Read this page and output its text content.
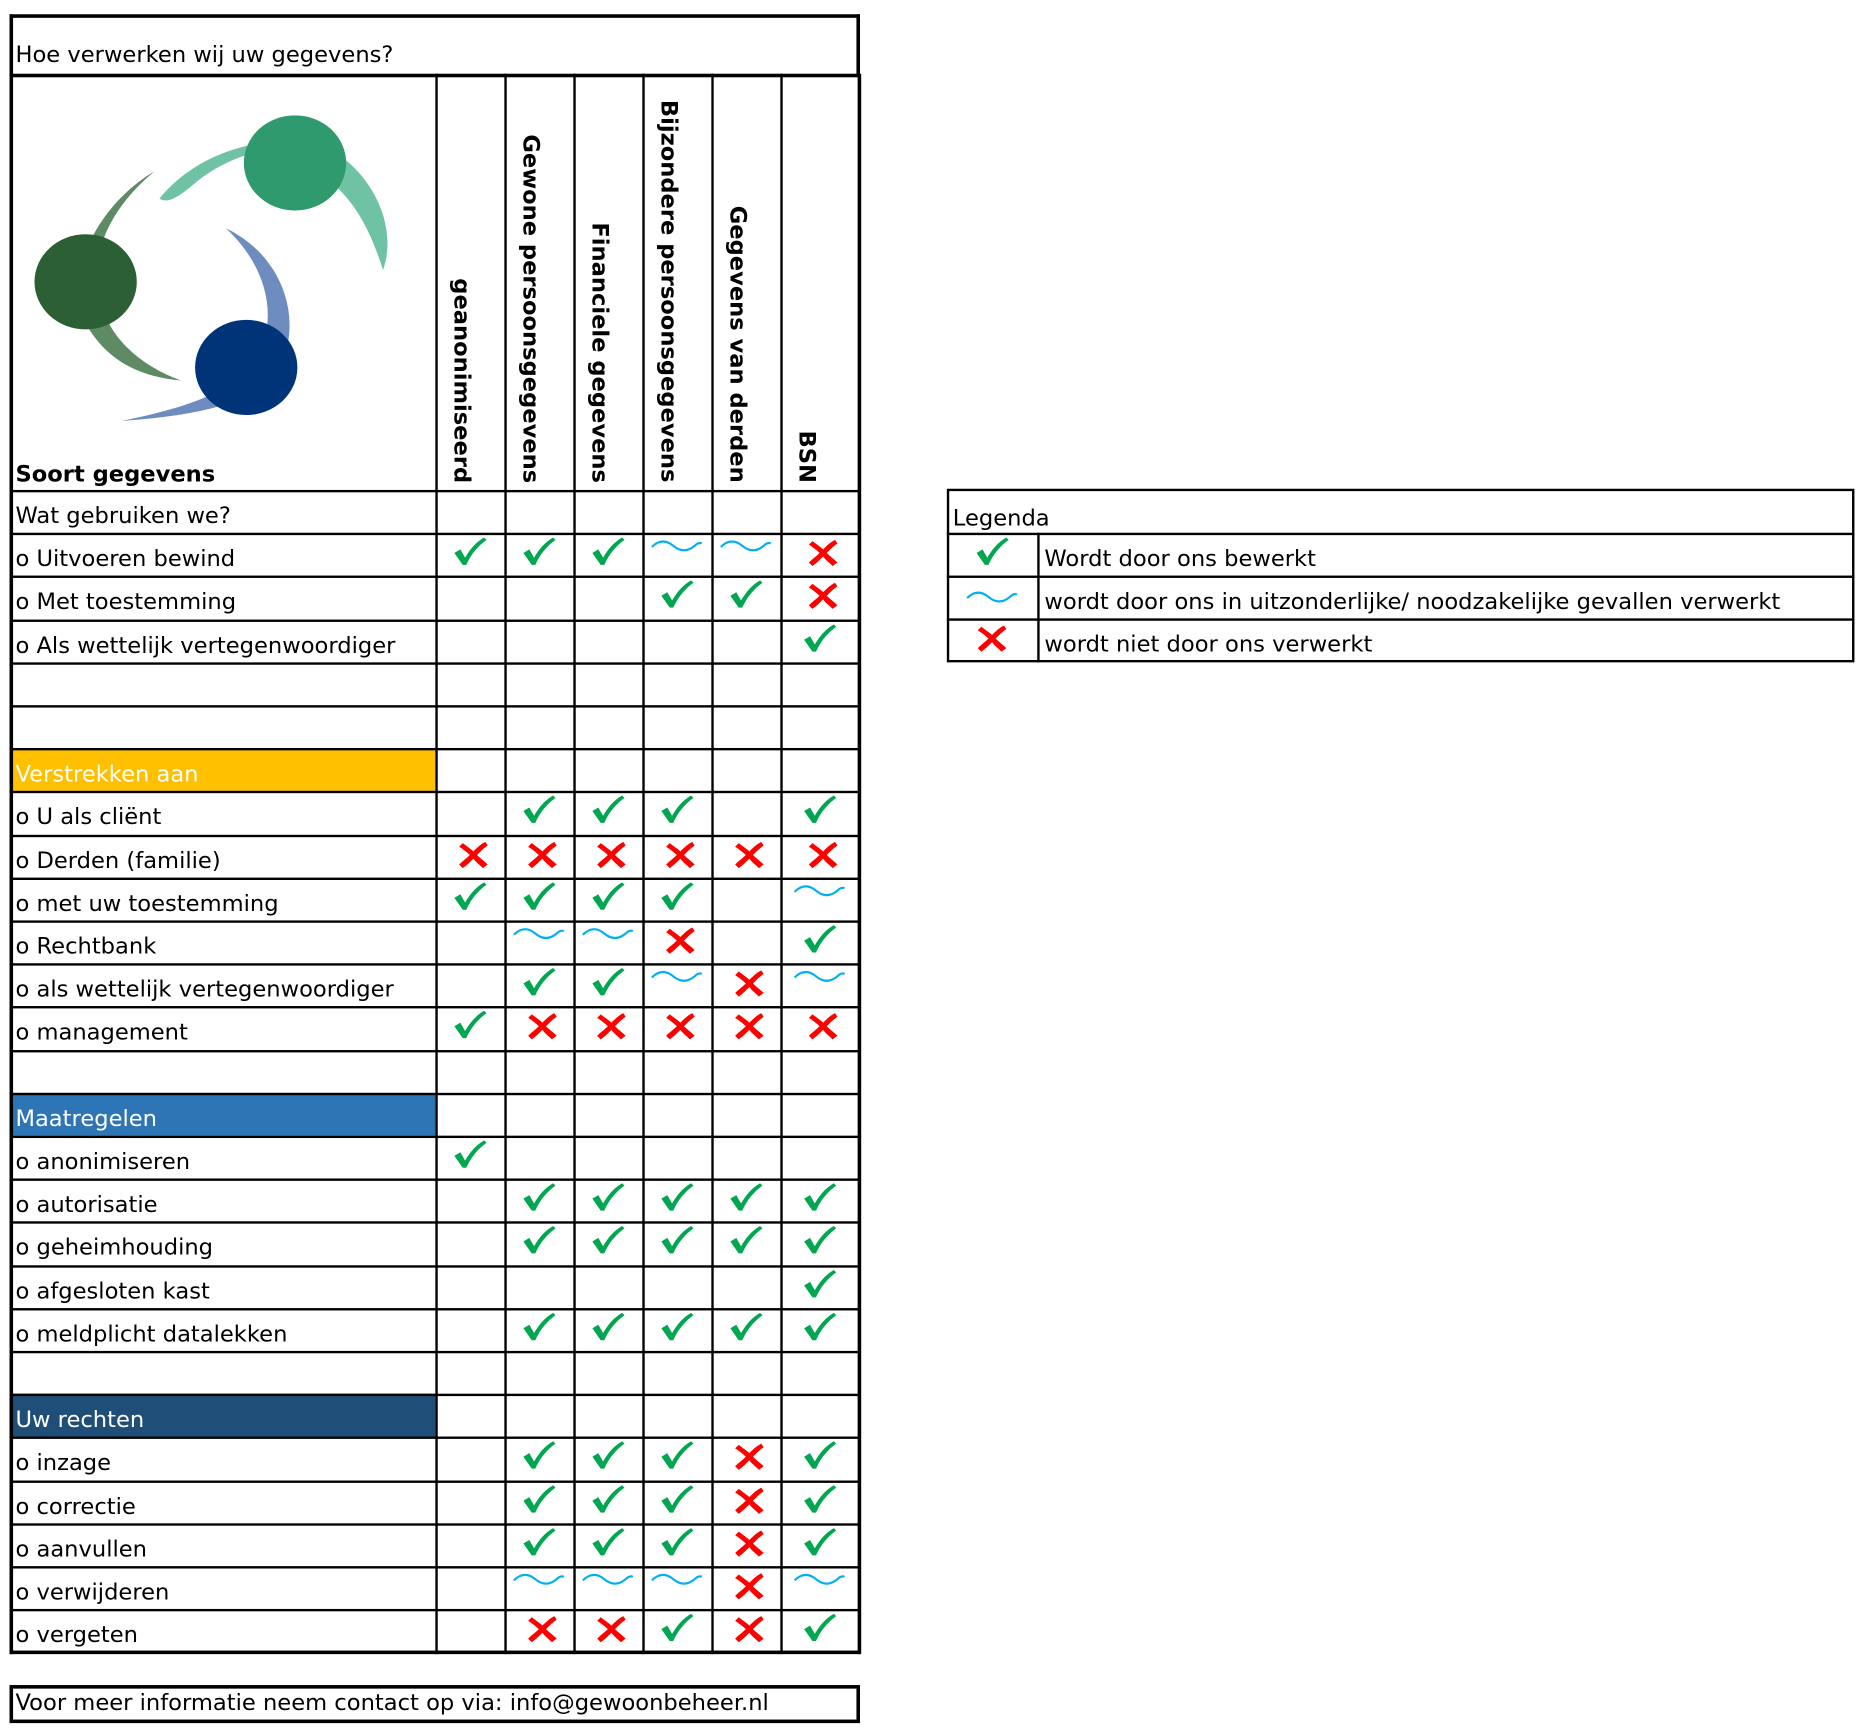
Hoe verwerken wij uw gegevens?
Soort gegevens	geanonimiseerd Gewone persoonsgegevens Financiele gegevens Bijzondere persoonsgegevens Gegevens van derden BSN
Wat gebruiken we?
o Uitvoeren bewind
o Met toestemming
o Als wettelijk vertegenwoordiger
Verstrekken aan
o U als cliënt
o Derden (familie)
o met uw toestemming
o Rechtbank
o als wettelijk vertegenwoordiger
o management
Maatregelen
o anonimiseren
o autorisatie
o geheimhouding
o afgesloten kast
o meldplicht datalekken
Uw rechten
o inzage
o correctie
o aanvullen
o verwijderen
o vergeten
Legenda
Wordt door ons bewerkt
wordt door ons in uitzonderlijke/ noodzakelijke gevallen verwerkt
wordt niet door ons verwerkt
Voor meer informatie neem contact op via: info@gewoonbeheer.nl
